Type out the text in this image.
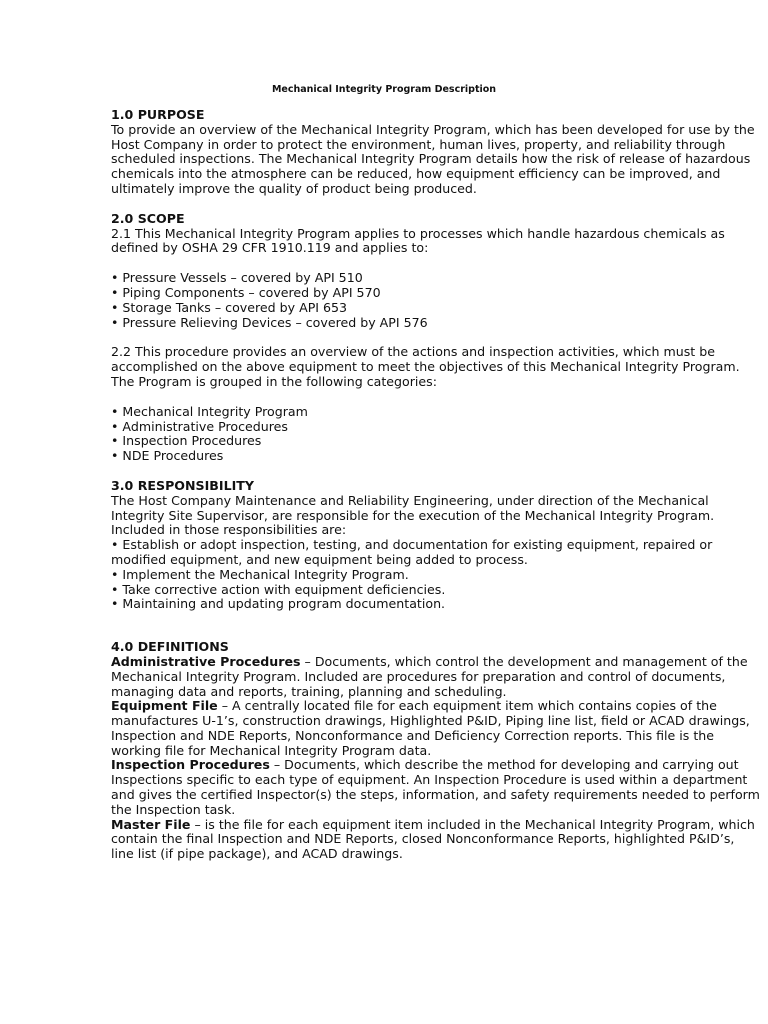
Mechanical Integrity Program Description
1.0 PURPOSE

To provide an overview of the Mechanical Integrity Program, which has been developed for use by the Host Company in order to protect the environment, human lives, property, and reliability through scheduled inspections. The Mechanical Integrity Program details how the risk of release of hazardous chemicals into the atmosphere can be reduced, how equipment efficiency can be improved, and ultimately improve the quality of product being produced.

2.0 SCOPE

2.1 This Mechanical Integrity Program applies to processes which handle hazardous chemicals as defined by OSHA 29 CFR 1910.119 and applies to:

• Pressure Vessels – covered by API 510
• Piping Components – covered by API 570
• Storage Tanks – covered by API 653
• Pressure Relieving Devices – covered by API 576

2.2 This procedure provides an overview of the actions and inspection activities, which must be accomplished on the above equipment to meet the objectives of this Mechanical Integrity Program. The Program is grouped in the following categories:

• Mechanical Integrity Program
• Administrative Procedures
• Inspection Procedures
• NDE Procedures
3.0 RESPONSIBILITY

The Host Company Maintenance and Reliability Engineering, under direction of the Mechanical Integrity Site Supervisor, are responsible for the execution of the Mechanical Integrity Program. Included in those responsibilities are:

• Establish or adopt inspection, testing, and documentation for existing equipment, repaired or modified equipment, and new equipment being added to process.
• Implement the Mechanical Integrity Program.
• Take corrective action with equipment deficiencies.
• Maintaining and updating program documentation.
4.0 DEFINITIONS

Administrative Procedures – Documents, which control the development and management of the Mechanical Integrity Program. Included are procedures for preparation and control of documents, managing data and reports, training, planning and scheduling.

Equipment File – A centrally located file for each equipment item which contains copies of the manufactures U-1’s, construction drawings, Highlighted P&ID, Piping line list, field or ACAD drawings, Inspection and NDE Reports, Nonconformance and Deficiency Correction reports. This file is the working file for Mechanical Integrity Program data.

Inspection Procedures – Documents, which describe the method for developing and carrying out Inspections specific to each type of equipment. An Inspection Procedure is used within a department and gives the certified Inspector(s) the steps, information, and safety requirements needed to perform the Inspection task.

Master File – is the file for each equipment item included in the Mechanical Integrity Program, which contain the final Inspection and NDE Reports, closed Nonconformance Reports, highlighted P&ID’s, line list (if pipe package), and ACAD drawings.
